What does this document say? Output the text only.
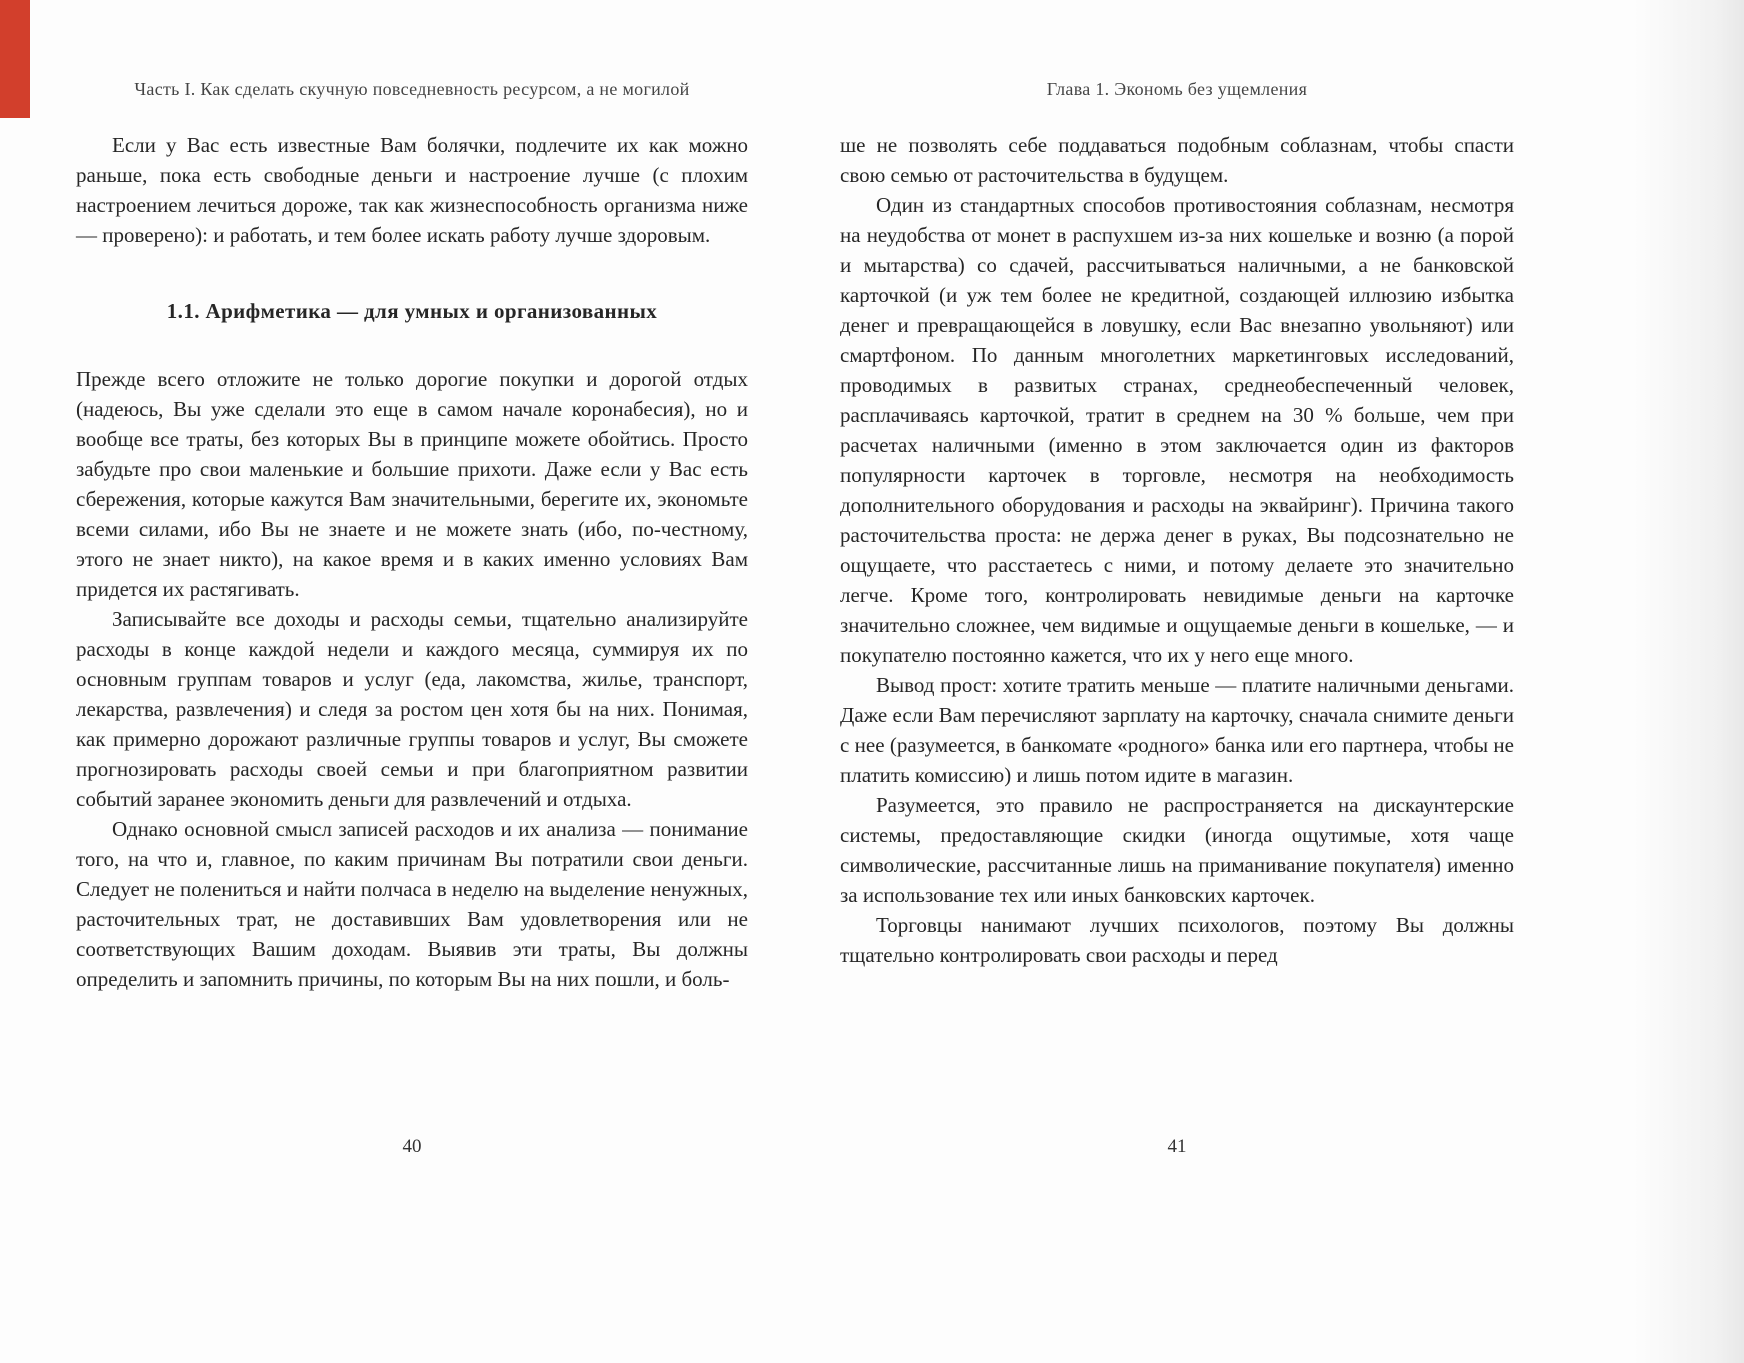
Часть I. Как сделать скучную повседневность ресурсом, а не могилой

Если у Вас есть известные Вам болячки, подлечите их как можно раньше, пока есть свободные деньги и настроение лучше (с плохим настроением лечиться дороже, так как жизнеспособность организма ниже — проверено): и работать, и тем более искать работу лучше здоровым.

1.1. Арифметика — для умных и организованных

Прежде всего отложите не только дорогие покупки и дорогой отдых (надеюсь, Вы уже сделали это еще в самом начале коронабесия), но и вообще все траты, без которых Вы в принципе можете обойтись. Просто забудьте про свои маленькие и большие прихоти. Даже если у Вас есть сбережения, которые кажутся Вам значительными, берегите их, экономьте всеми силами, ибо Вы не знаете и не можете знать (ибо, по-честному, этого не знает никто), на какое время и в каких именно условиях Вам придется их растягивать.

Записывайте все доходы и расходы семьи, тщательно анализируйте расходы в конце каждой недели и каждого месяца, суммируя их по основным группам товаров и услуг (еда, лакомства, жилье, транспорт, лекарства, развлечения) и следя за ростом цен хотя бы на них. Понимая, как примерно дорожают различные группы товаров и услуг, Вы сможете прогнозировать расходы своей семьи и при благоприятном развитии событий заранее экономить деньги для развлечений и отдыха.

Однако основной смысл записей расходов и их анализа — понимание того, на что и, главное, по каким причинам Вы потратили свои деньги. Следует не полениться и найти полчаса в неделю на выделение ненужных, расточительных трат, не доставивших Вам удовлетворения или не соответствующих Вашим доходам. Выявив эти траты, Вы должны определить и запомнить причины, по которым Вы на них пошли, и боль-

40
Глава 1. Экономь без ущемления

ше не позволять себе поддаваться подобным соблазнам, чтобы спасти свою семью от расточительства в будущем.

Один из стандартных способов противостояния соблазнам, несмотря на неудобства от монет в распухшем из-за них кошельке и возню (а порой и мытарства) со сдачей, рассчитываться наличными, а не банковской карточкой (и уж тем более не кредитной, создающей иллюзию избытка денег и превращающейся в ловушку, если Вас внезапно увольняют) или смартфоном. По данным многолетних маркетинговых исследований, проводимых в развитых странах, среднеобеспеченный человек, расплачиваясь карточкой, тратит в среднем на 30 % больше, чем при расчетах наличными (именно в этом заключается один из факторов популярности карточек в торговле, несмотря на необходимость дополнительного оборудования и расходы на эквайринг). Причина такого расточительства проста: не держа денег в руках, Вы подсознательно не ощущаете, что расстаетесь с ними, и потому делаете это значительно легче. Кроме того, контролировать невидимые деньги на карточке значительно сложнее, чем видимые и ощущаемые деньги в кошельке, — и покупателю постоянно кажется, что их у него еще много.

Вывод прост: хотите тратить меньше — платите наличными деньгами. Даже если Вам перечисляют зарплату на карточку, сначала снимите деньги с нее (разумеется, в банкомате «родного» банка или его партнера, чтобы не платить комиссию) и лишь потом идите в магазин.

Разумеется, это правило не распространяется на дискаунтерские системы, предоставляющие скидки (иногда ощутимые, хотя чаще символические, рассчитанные лишь на приманивание покупателя) именно за использование тех или иных банковских карточек.

Торговцы нанимают лучших психологов, поэтому Вы должны тщательно контролировать свои расходы и перед

41
